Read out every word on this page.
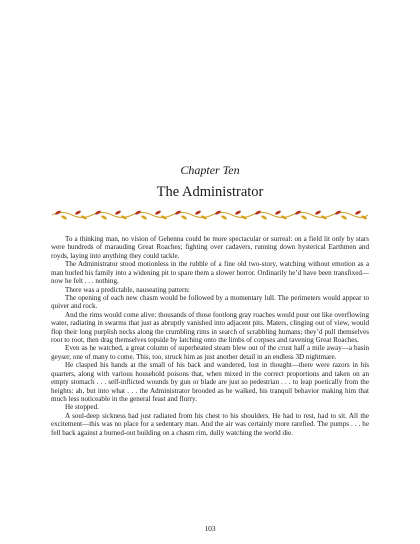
Chapter Ten
The Administrator

To a thinking man, no vision of Gehenna could be more spectacular or surreal: on a field lit only by stars were hundreds of marauding Great Roaches; fighting over cadavers, running down hysterical Earthmen and royds, laying into anything they could tackle.

The Administrator stood motionless in the rubble of a fine old two-story, watching without emotion as a man hurled his family into a widening pit to spare them a slower horror. Ordinarily he’d have been transfixed—now he felt . . . nothing.

There was a predictable, nauseating pattern:

The opening of each new chasm would be followed by a momentary lull. The perimeters would appear to quiver and rock.

And the rims would come alive: thousands of those footlong gray roaches would pour out like overflowing water, radiating in swarms that just as abruptly vanished into adjacent pits. Maters, clinging out of view, would flop their long purplish necks along the crumbling rims in search of scrabbling humans; they’d pull themselves root to root, then drag themselves topside by latching onto the limbs of corpses and ravening Great Roaches.

Even as he watched, a great column of superheated steam blew out of the crust half a mile away—a basin geyser, one of many to come. This, too, struck him as just another detail in an endless 3D nightmare.

He clasped his hands at the small of his back and wandered, lost in thought—there were razors in his quarters, along with various household poisons that, when mixed in the correct proportions and taken on an empty stomach . . . self-inflicted wounds by gun or blade are just so pedestrian . . . to leap poetically from the heights: ah, but into what . . . the Administrator brooded as he walked, his tranquil behavior making him that much less noticeable in the general feast and flurry.

He stopped.

A soul-deep sickness had just radiated from his chest to his shoulders. He had to rest, had to sit. All the excitement—this was no place for a sedentary man. And the air was certainly more rarefied. The pumps . . . he fell back against a burned-out building on a chasm rim, dully watching the world die.

103
